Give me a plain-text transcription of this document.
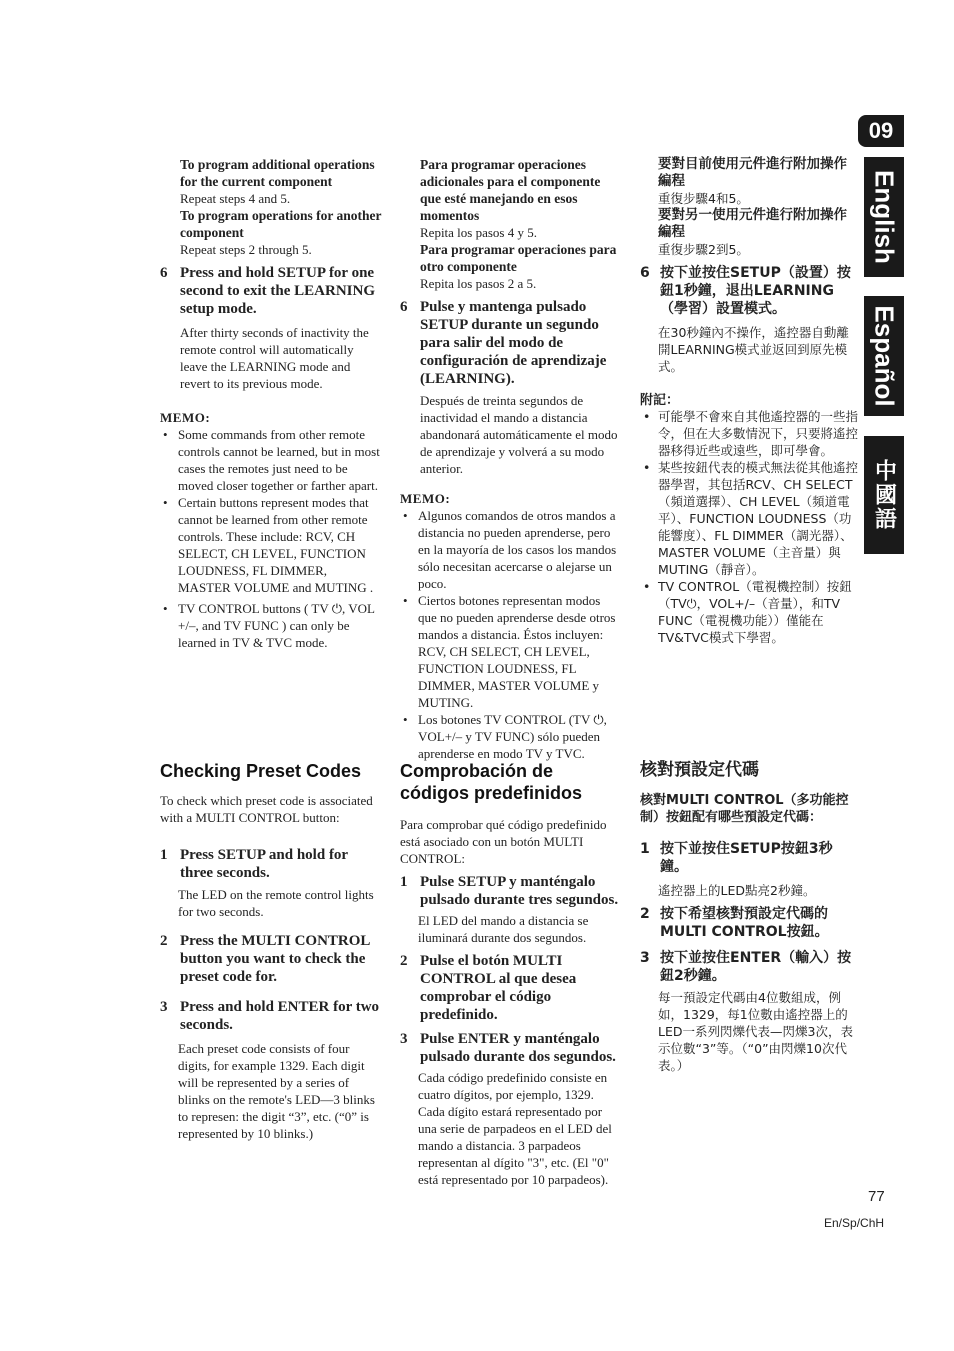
09
English
Español
中國語

To program additional operations for the current component

Repeat steps 4 and 5.

To program operations for another component

Repeat steps 2 through 5.

6 Press and hold SETUP for one second to exit the LEARNING setup mode.

After thirty seconds of inactivity the remote control will automatically leave the LEARNING mode and revert to its previous mode.

MEMO:

• Some commands from other remote controls cannot be learned, but in most cases the remotes just need to be moved closer together or farther apart.
• Certain buttons represent modes that cannot be learned from other remote controls. These include: RCV, CH SELECT, CH LEVEL, FUNCTION LOUDNESS, FL DIMMER, MASTER VOLUME and MUTING .
• TV CONTROL buttons ( TV ⏻, VOL +/–, and TV FUNC ) can only be learned in TV & TVC mode.

Checking Preset Codes

To check which preset code is associated with a MULTI CONTROL button:

1 Press SETUP and hold for three seconds.

The LED on the remote control lights for two seconds.

2 Press the MULTI CONTROL button you want to check the preset code for.
3 Press and hold ENTER for two seconds.

Each preset code consists of four digits, for example 1329. Each digit will be represented by a series of blinks on the remote's LED—3 blinks to represen: the digit “3”, etc. (“0” is represented by 10 blinks.)

Para programar operaciones adicionales para el componente que esté manejando en esos momentos

Repita los pasos 4 y 5.

Para programar operaciones para otro componente

Repita los pasos 2 a 5.

6 Pulse y mantenga pulsado SETUP durante un segundo para salir del modo de configuración de aprendizaje (LEARNING).

Después de treinta segundos de inactividad el mando a distancia abandonará automáticamente el modo de aprendizaje y volverá a su modo anterior.

MEMO:

• Algunos comandos de otros mandos a distancia no pueden aprenderse, pero en la mayoría de los casos los mandos sólo necesitan acercarse o alejarse un poco.
• Ciertos botones representan modos que no pueden aprenderse desde otros mandos a distancia. Éstos incluyen: RCV, CH SELECT, CH LEVEL, FUNCTION LOUDNESS, FL DIMMER, MASTER VOLUME y MUTING.
• Los botones TV CONTROL (TV ⏻, VOL+/– y TV FUNC) sólo pueden aprenderse en modo TV y TVC.

Comprobación de códigos predefinidos

Para comprobar qué código predefinido está asociado con un botón MULTI CONTROL:

1 Pulse SETUP y manténgalo pulsado durante tres segundos.

El LED del mando a distancia se iluminará durante dos segundos.

2 Pulse el botón MULTI CONTROL al que desea comprobar el código predefinido.
3 Pulse ENTER y manténgalo pulsado durante dos segundos.

Cada código predefinido consiste en cuatro dígitos, por ejemplo, 1329. Cada dígito estará representado por una serie de parpadeos en el LED del mando a distancia. 3 parpadeos representan al dígito "3", etc. (El "0" está representado por 10 parpadeos).

要對目前使用元件進行附加操作編程

重復步驟4和5。

要對另一使用元件進行附加操作編程

重復步驟2到5。

6 按下並按住SETUP（設置）按鈕1秒鐘，退出LEARNING（學習）設置模式。

在30秒鐘內不操作，遙控器自動離開LEARNING模式並返回到原先模式。

附記：

• 可能學不會來自其他遙控器的一些指令，但在大多數情況下，只要將遙控器移得近些或遠些，即可學會。
• 某些按鈕代表的模式無法從其他遙控器學習，其包括RCV、CH SELECT（頻道選擇）、CH LEVEL（頻道電平）、FUNCTION LOUDNESS（功能響度）、FL DIMMER（調光器）、MASTER VOLUME（主音量）與MUTING（靜音）。
• TV CONTROL（電視機控制）按鈕（TV⏻，VOL+/–（音量），和TV FUNC（電視機功能））僅能在TV&TVC模式下學習。

核對預設定代碼

核對MULTI CONTROL（多功能控制）按鈕配有哪些預設定代碼：

1 按下並按住SETUP按鈕3秒鐘。

遙控器上的LED點亮2秒鐘。

2 按下希望核對預設定代碼的MULTI CONTROL按鈕。
3 按下並按住ENTER（輸入）按鈕2秒鐘。

每一預設定代碼由4位數組成，例如，1329，每1位數由遙控器上的LED一系列閃爍代表—閃爍3次，表示位數“3”等。（“0”由閃爍10次代表。）

77
En/Sp/ChH
